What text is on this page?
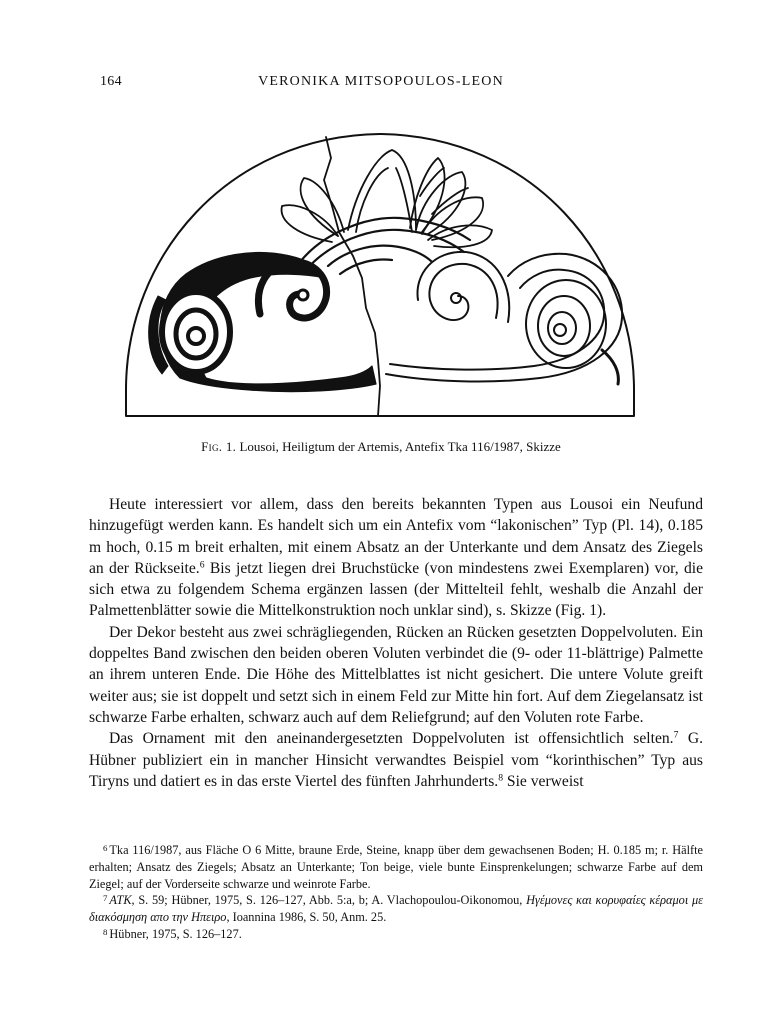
164	VERONIKA MITSOPOULOS-LEON
Fig. 1. Lousoi, Heiligtum der Artemis, Antefix Tka 116/1987, Skizze

Heute interessiert vor allem, dass den bereits bekannten Typen aus Lousoi ein Neufund hinzugefügt werden kann. Es handelt sich um ein Antefix vom “lakonischen” Typ (Pl. 14), 0.185 m hoch, 0.15 m breit erhalten, mit einem Absatz an der Unterkante und dem Ansatz des Ziegels an der Rückseite.$^6$ Bis jetzt liegen drei Bruchstücke (von mindestens zwei Exemplaren) vor, die sich etwa zu folgendem Schema ergänzen lassen (der Mittelteil fehlt, weshalb die Anzahl der Palmettenblätter sowie die Mittelkonstruktion noch unklar sind), s. Skizze (Fig. 1).

Der Dekor besteht aus zwei schrägliegenden, Rücken an Rücken gesetzten Doppelvoluten. Ein doppeltes Band zwischen den beiden oberen Voluten verbindet die (9- oder 11-blättrige) Palmette an ihrem unteren Ende. Die Höhe des Mittelblattes ist nicht gesichert. Die untere Volute greift weiter aus; sie ist doppelt und setzt sich in einem Feld zur Mitte hin fort. Auf dem Ziegelansatz ist schwarze Farbe erhalten, schwarz auch auf dem Reliefgrund; auf den Voluten rote Farbe.

Das Ornament mit den aneinandergesetzten Doppelvoluten ist offensichtlich selten.$^7$ G. Hübner publiziert ein in mancher Hinsicht verwandtes Beispiel vom “korinthischen” Typ aus Tiryns und datiert es in das erste Viertel des fünften Jahrhunderts.$^8$ Sie verweist

$^6$ Tka 116/1987, aus Fläche O 6 Mitte, braune Erde, Steine, knapp über dem gewachsenen Boden; H. 0.185 m; r. Hälfte erhalten; Ansatz des Ziegels; Absatz an Unterkante; Ton beige, viele bunte Einsprenkelungen; schwarze Farbe auf dem Ziegel; auf der Vorderseite schwarze und weinrote Farbe.

$^7$ ATK, S. 59; Hübner, 1975, S. 126–127, Abb. 5:a, b; A. Vlachopoulou-Oikonomou, Ηγέμονες και κορυφαίες κέραμοι με διακόσμηση απο την Ηπειρο, Ioannina 1986, S. 50, Anm. 25.

$^8$ Hübner, 1975, S. 126–127.
